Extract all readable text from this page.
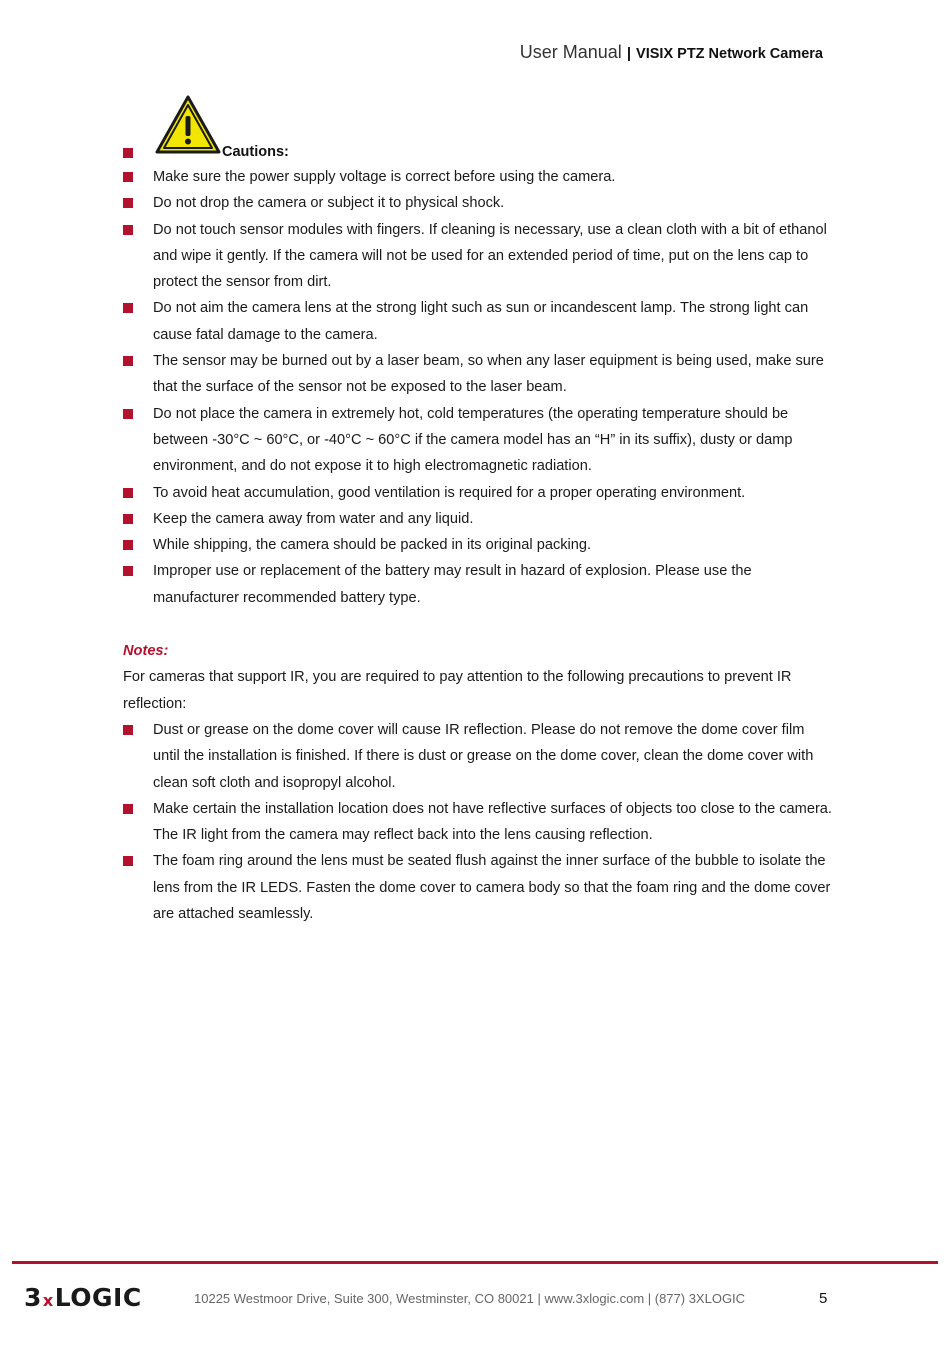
User Manual | VISIX PTZ Network Camera
Cautions:
Make sure the power supply voltage is correct before using the camera.
Do not drop the camera or subject it to physical shock.
Do not touch sensor modules with fingers. If cleaning is necessary, use a clean cloth with a bit of ethanol and wipe it gently. If the camera will not be used for an extended period of time, put on the lens cap to protect the sensor from dirt.
Do not aim the camera lens at the strong light such as sun or incandescent lamp. The strong light can cause fatal damage to the camera.
The sensor may be burned out by a laser beam, so when any laser equipment is being used, make sure that the surface of the sensor not be exposed to the laser beam.
Do not place the camera in extremely hot, cold temperatures (the operating temperature should be between -30°C ~ 60°C, or -40°C ~ 60°C if the camera model has an “H” in its suffix), dusty or damp environment, and do not expose it to high electromagnetic radiation.
To avoid heat accumulation, good ventilation is required for a proper operating environment.
Keep the camera away from water and any liquid.
While shipping, the camera should be packed in its original packing.
Improper use or replacement of the battery may result in hazard of explosion. Please use the manufacturer recommended battery type.
Notes:
For cameras that support IR, you are required to pay attention to the following precautions to prevent IR reflection:
Dust or grease on the dome cover will cause IR reflection. Please do not remove the dome cover film until the installation is finished. If there is dust or grease on the dome cover, clean the dome cover with clean soft cloth and isopropyl alcohol.
Make certain the installation location does not have reflective surfaces of objects too close to the camera. The IR light from the camera may reflect back into the lens causing reflection.
The foam ring around the lens must be seated flush against the inner surface of the bubble to isolate the lens from the IR LEDS. Fasten the dome cover to camera body so that the foam ring and the dome cover are attached seamlessly.
3 x LOGIC	10225 Westmoor Drive, Suite 300, Westminster, CO 80021 | www.3xlogic.com | (877) 3XLOGIC	5
